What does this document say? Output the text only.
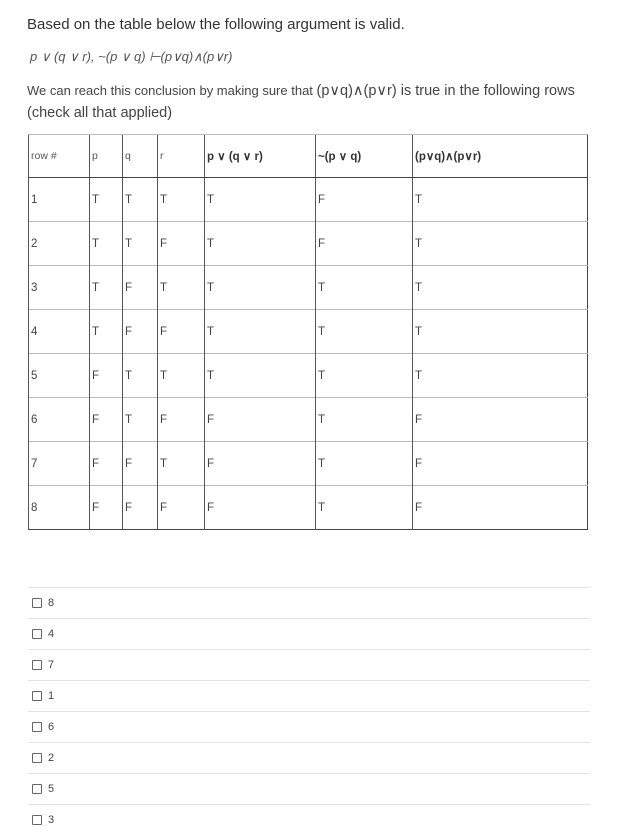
Based on the table below the following argument is valid.
p ∨ (q ∨ r), ~(p ∨ q) ⊢(p∨q)∧(p∨r)
We can reach this conclusion by making sure that (p∨q)∧(p∨r) is true in the following rows
(check all that applied)
row #	p	q	r	p ∨ (q ∨ r)	~(p ∨ q)	(p∨q)∧(p∨r)
1	T	T	T	T	F	T
2	T	T	F	T	F	T
3	T	F	T	T	T	T
4	T	F	F	T	T	T
5	F	T	T	T	T	T
6	F	T	F	F	T	F
7	F	F	T	F	T	F
8	F	F	F	F	T	F
8
4
7
1
6
2
5
3
